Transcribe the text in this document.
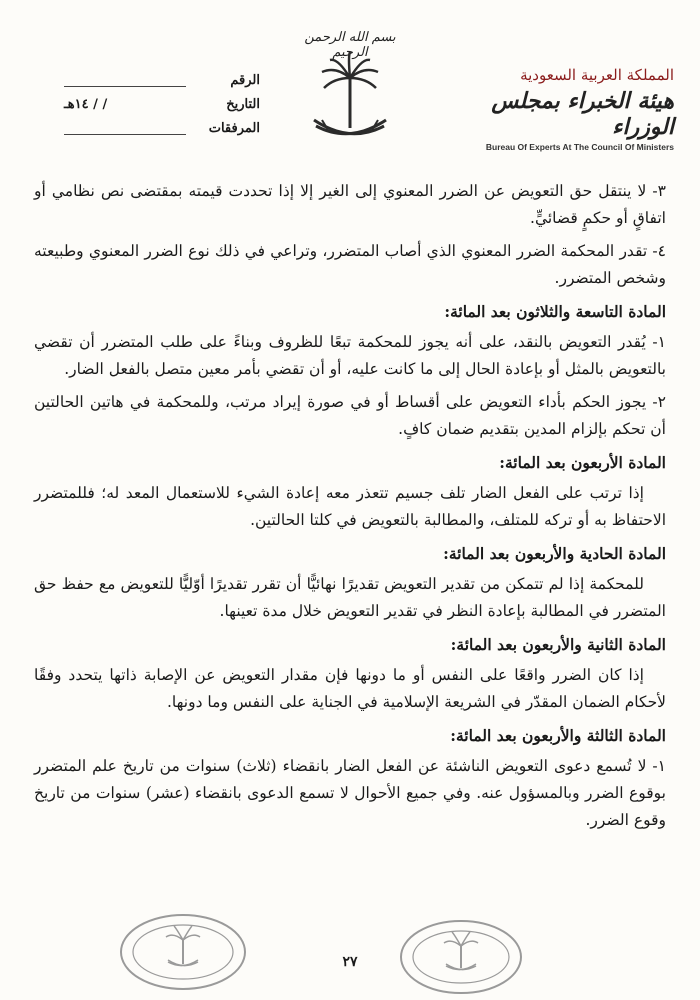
بسم الله الرحمن الرحيم
المملكة العربية السعودية
هيئة الخبراء بمجلس الوزراء
Bureau Of Experts At The Council Of Ministers
الرقم
التاريخ
/ / ١٤هـ
المرفقات

٣- لا ينتقل حق التعويض عن الضرر المعنوي إلى الغير إلا إذا تحددت قيمته بمقتضى نص نظامي أو اتفاقٍ أو حكمٍ قضائيٍّ.

٤- تقدر المحكمة الضرر المعنوي الذي أصاب المتضرر، وتراعي في ذلك نوع الضرر المعنوي وطبيعته وشخص المتضرر.

المادة التاسعة والثلاثون بعد المائة:

١- يُقدر التعويض بالنقد، على أنه يجوز للمحكمة تبعًا للظروف وبناءً على طلب المتضرر أن تقضي بالتعويض بالمثل أو بإعادة الحال إلى ما كانت عليه، أو أن تقضي بأمر معين متصل بالفعل الضار.

٢- يجوز الحكم بأداء التعويض على أقساط أو في صورة إيراد مرتب، وللمحكمة في هاتين الحالتين أن تحكم بإلزام المدين بتقديم ضمان كافٍ.

المادة الأربعون بعد المائة:

إذا ترتب على الفعل الضار تلف جسيم تتعذر معه إعادة الشيء للاستعمال المعد له؛ فللمتضرر الاحتفاظ به أو تركه للمتلف، والمطالبة بالتعويض في كلتا الحالتين.

المادة الحادية والأربعون بعد المائة:

للمحكمة إذا لم تتمكن من تقدير التعويض تقديرًا نهائيًّا أن تقرر تقديرًا أوّليًّا للتعويض مع حفظ حق المتضرر في المطالبة بإعادة النظر في تقدير التعويض خلال مدة تعينها.

المادة الثانية والأربعون بعد المائة:

إذا كان الضرر واقعًا على النفس أو ما دونها فإن مقدار التعويض عن الإصابة ذاتها يتحدد وفقًا لأحكام الضمان المقدّر في الشريعة الإسلامية في الجناية على النفس وما دونها.

المادة الثالثة والأربعون بعد المائة:

١- لا تُسمع دعوى التعويض الناشئة عن الفعل الضار بانقضاء (ثلاث) سنوات من تاريخ علم المتضرر بوقوع الضرر وبالمسؤول عنه. وفي جميع الأحوال لا تسمع الدعوى بانقضاء (عشر) سنوات من تاريخ وقوع الضرر.

٢٧
